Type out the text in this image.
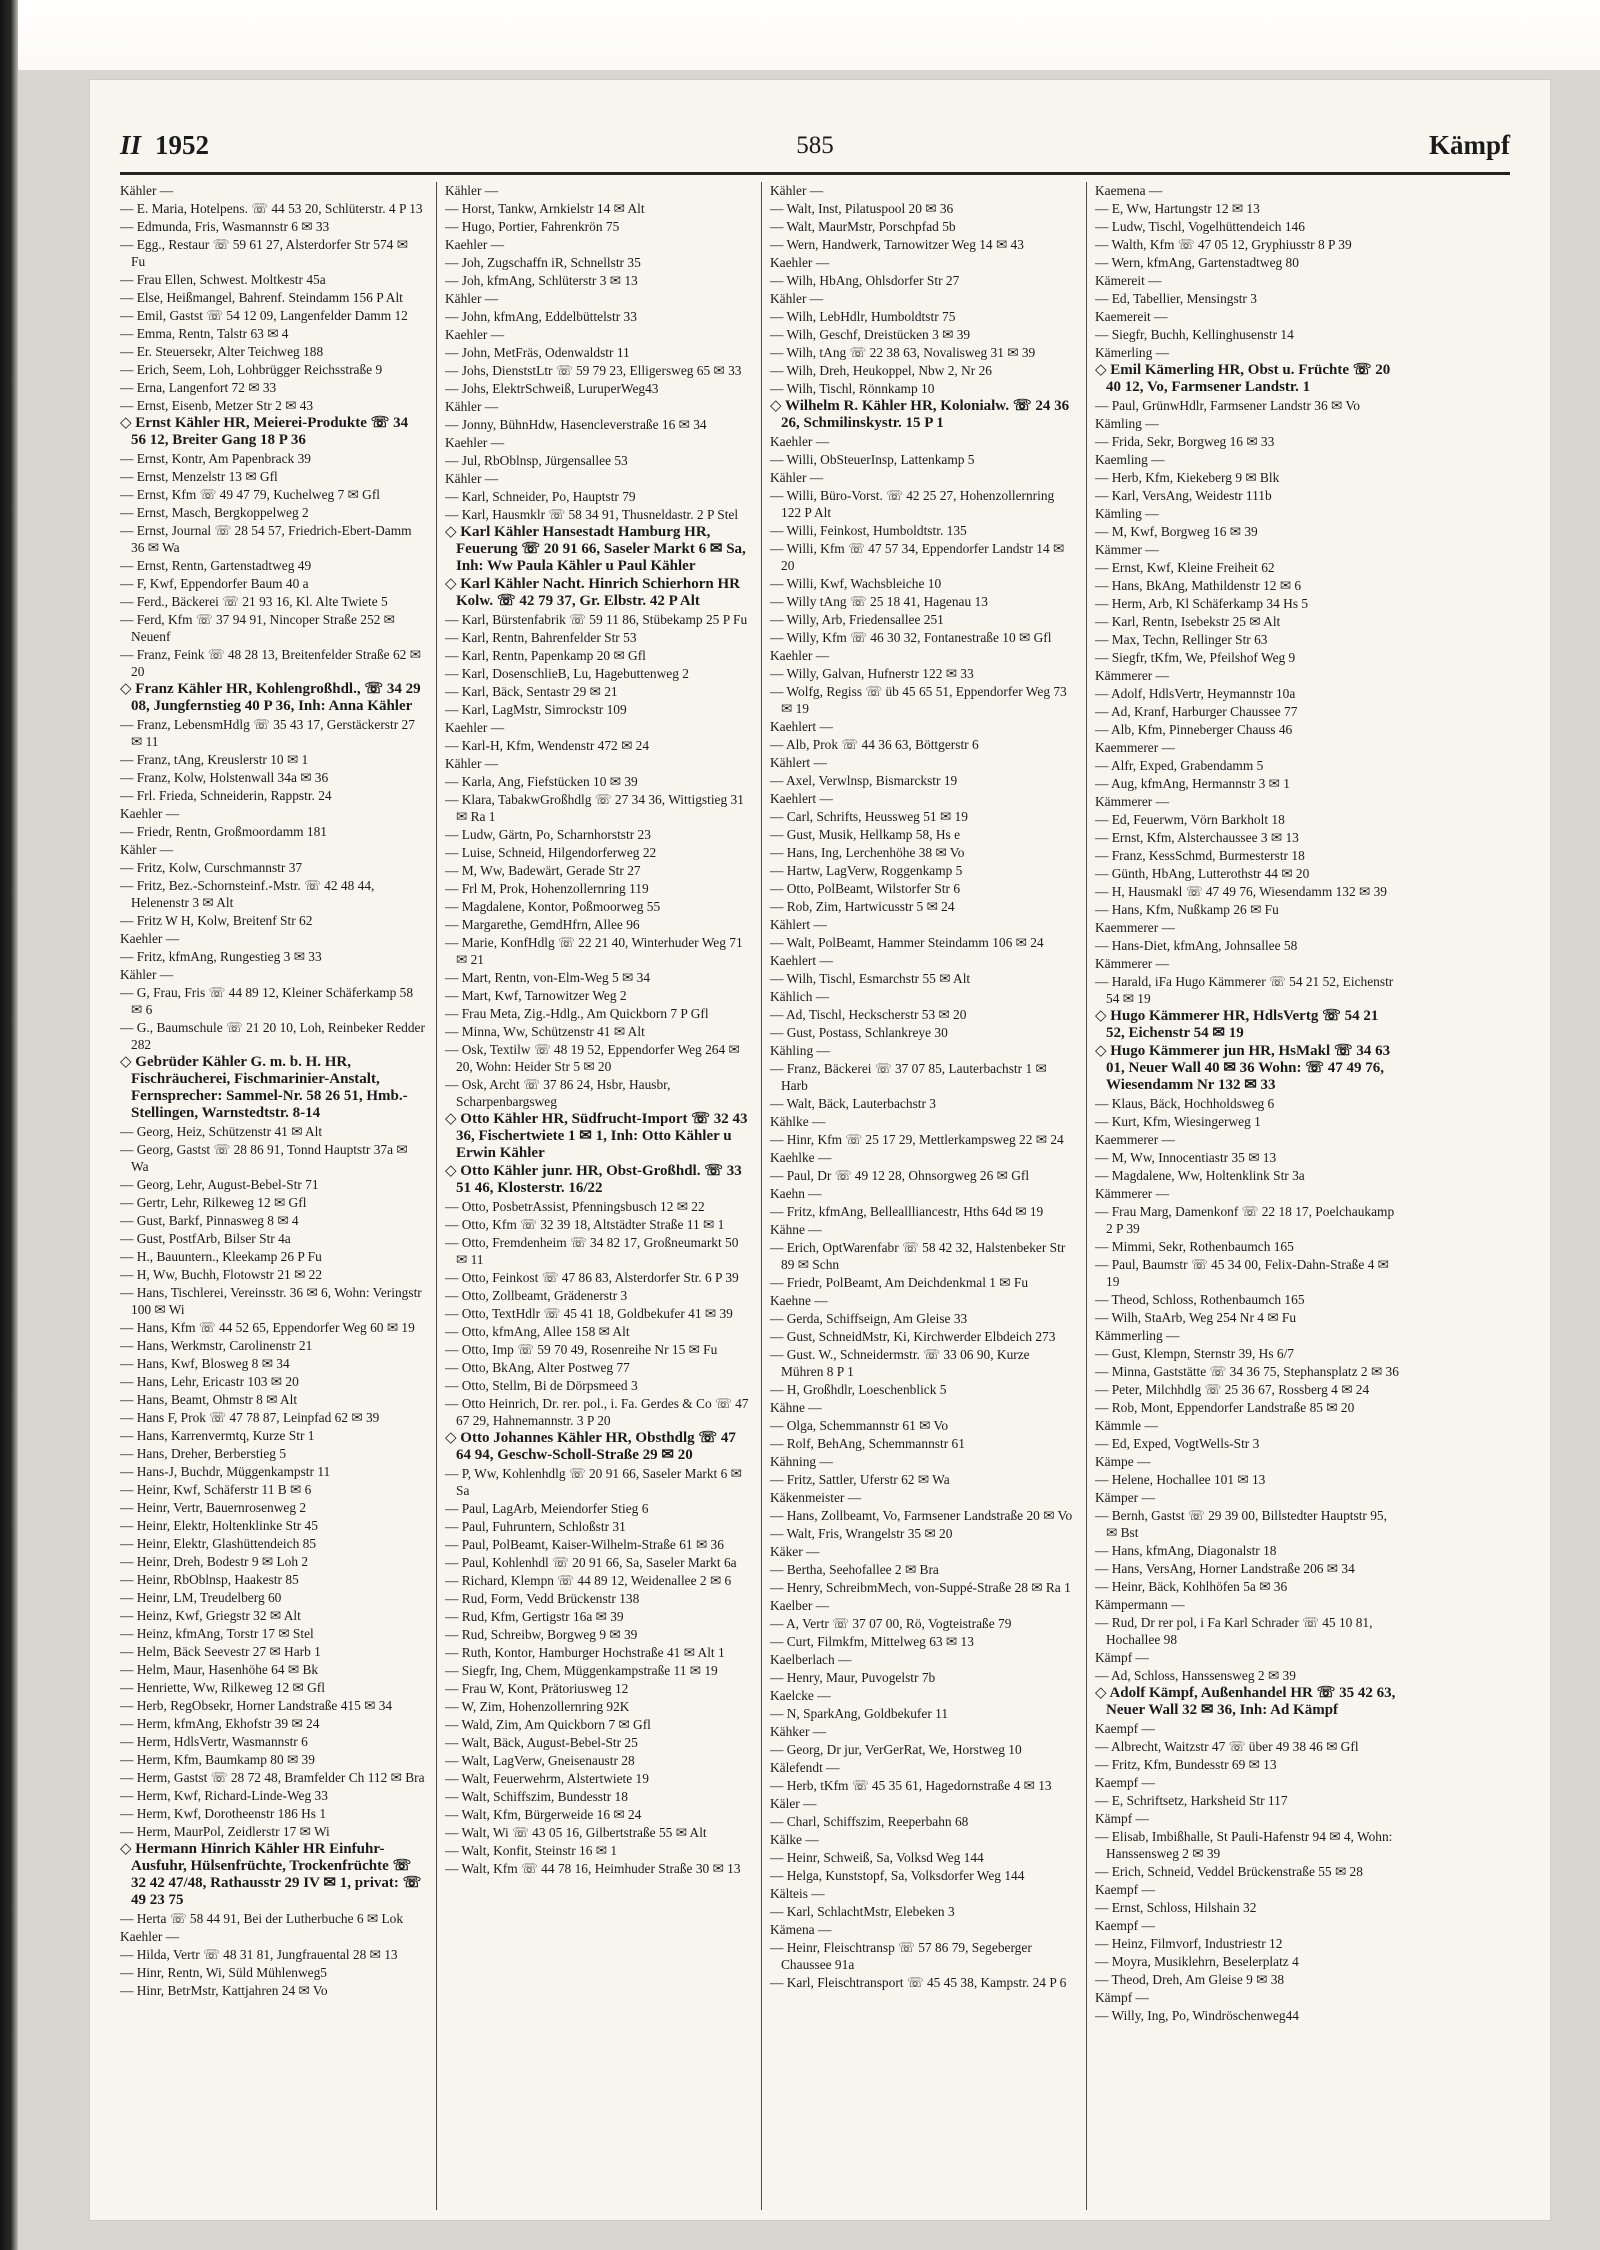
II 1952	585	Kämpf

Kähler —

— E. Maria, Hotelpens. ☏ 44 53 20, Schlüterstr. 4 P 13

— Edmunda, Fris, Wasmannstr 6 ✉ 33

— Egg., Restaur ☏ 59 61 27, Alsterdorfer Str 574 ✉ Fu

— Frau Ellen, Schwest. Moltkestr 45a

— Else, Heißmangel, Bahrenf. Steindamm 156 P Alt

— Emil, Gastst ☏ 54 12 09, Langenfelder Damm 12

— Emma, Rentn, Talstr 63 ✉ 4

— Er. Steuersekr, Alter Teichweg 188

— Erich, Seem, Loh, Lohbrügger Reichsstraße 9

— Erna, Langenfort 72 ✉ 33

— Ernst, Eisenb, Metzer Str 2 ✉ 43

◇ Ernst Kähler HR, Meierei-Produkte ☏ 34 56 12, Breiter Gang 18 P 36

— Ernst, Kontr, Am Papenbrack 39

— Ernst, Menzelstr 13 ✉ Gfl

— Ernst, Kfm ☏ 49 47 79, Kuchelweg 7 ✉ Gfl

— Ernst, Masch, Bergkoppelweg 2

— Ernst, Journal ☏ 28 54 57, Friedrich-Ebert-Damm 36 ✉ Wa

— Ernst, Rentn, Gartenstadtweg 49

— F, Kwf, Eppendorfer Baum 40 a

— Ferd., Bäckerei ☏ 21 93 16, Kl. Alte Twiete 5

— Ferd, Kfm ☏ 37 94 91, Nincoper Straße 252 ✉ Neuenf

— Franz, Feink ☏ 48 28 13, Breitenfelder Straße 62 ✉ 20

◇ Franz Kähler HR, Kohlengroßhdl., ☏ 34 29 08, Jungfernstieg 40 P 36, Inh: Anna Kähler

— Franz, LebensmHdlg ☏ 35 43 17, Gerstäckerstr 27 ✉ 11

— Franz, tAng, Kreuslerstr 10 ✉ 1

— Franz, Kolw, Holstenwall 34a ✉ 36

— Frl. Frieda, Schneiderin, Rappstr. 24

Kaehler —

— Friedr, Rentn, Großmoordamm 181

Kähler —

— Fritz, Kolw, Curschmannstr 37

— Fritz, Bez.-Schornsteinf.-Mstr. ☏ 42 48 44, Helenenstr 3 ✉ Alt

— Fritz W H, Kolw, Breitenf Str 62

Kaehler —

— Fritz, kfmAng, Rungestieg 3 ✉ 33

Kähler —

— G, Frau, Fris ☏ 44 89 12, Kleiner Schäferkamp 58 ✉ 6

— G., Baumschule ☏ 21 20 10, Loh, Reinbeker Redder 282

◇ Gebrüder Kähler G. m. b. H. HR, Fischräucherei, Fischmarinier-Anstalt, Fernsprecher: Sammel-Nr. 58 26 51, Hmb.-Stellingen, Warnstedtstr. 8-14

— Georg, Heiz, Schützenstr 41 ✉ Alt

— Georg, Gastst ☏ 28 86 91, Tonnd Hauptstr 37a ✉ Wa

— Georg, Lehr, August-Bebel-Str 71

— Gertr, Lehr, Rilkeweg 12 ✉ Gfl

— Gust, Barkf, Pinnasweg 8 ✉ 4

— Gust, PostfArb, Bilser Str 4a

— H., Bauuntern., Kleekamp 26 P Fu

— H, Ww, Buchh, Flotowstr 21 ✉ 22

— Hans, Tischlerei, Vereinsstr. 36 ✉ 6, Wohn: Veringstr 100 ✉ Wi

— Hans, Kfm ☏ 44 52 65, Eppendorfer Weg 60 ✉ 19

— Hans, Werkmstr, Carolinenstr 21

— Hans, Kwf, Blosweg 8 ✉ 34

— Hans, Lehr, Ericastr 103 ✉ 20

— Hans, Beamt, Ohmstr 8 ✉ Alt

— Hans F, Prok ☏ 47 78 87, Leinpfad 62 ✉ 39

— Hans, Karrenvermtq, Kurze Str 1

— Hans, Dreher, Berberstieg 5

— Hans-J, Buchdr, Müggenkampstr 11

— Heinr, Kwf, Schäferstr 11 B ✉ 6

— Heinr, Vertr, Bauernrosenweg 2

— Heinr, Elektr, Holtenklinke Str 45

— Heinr, Elektr, Glashüttendeich 85

— Heinr, Dreh, Bodestr 9 ✉ Loh 2

— Heinr, RbOblnsp, Haakestr 85

— Heinr, LM, Treudelberg 60

— Heinz, Kwf, Griegstr 32 ✉ Alt

— Heinz, kfmAng, Torstr 17 ✉ Stel

— Helm, Bäck Seevestr 27 ✉ Harb 1

— Helm, Maur, Hasenhöhe 64 ✉ Bk

— Henriette, Ww, Rilkeweg 12 ✉ Gfl

— Herb, RegObsekr, Horner Landstraße 415 ✉ 34

— Herm, kfmAng, Ekhofstr 39 ✉ 24

— Herm, HdlsVertr, Wasmannstr 6

— Herm, Kfm, Baumkamp 80 ✉ 39

— Herm, Gastst ☏ 28 72 48, Bramfelder Ch 112 ✉ Bra

— Herm, Kwf, Richard-Linde-Weg 33

— Herm, Kwf, Dorotheenstr 186 Hs 1

— Herm, MaurPol, Zeidlerstr 17 ✉ Wi

◇ Hermann Hinrich Kähler HR Einfuhr-Ausfuhr, Hülsenfrüchte, Trockenfrüchte ☏ 32 42 47/48, Rathausstr 29 IV ✉ 1, privat: ☏ 49 23 75

— Herta ☏ 58 44 91, Bei der Lutherbuche 6 ✉ Lok

Kaehler —

— Hilda, Vertr ☏ 48 31 81, Jungfrauental 28 ✉ 13

— Hinr, Rentn, Wi, Süld Mühlenweg5

— Hinr, BetrMstr, Kattjahren 24 ✉ Vo

Kähler —

— Horst, Tankw, Arnkielstr 14 ✉ Alt

— Hugo, Portier, Fahrenkrön 75

Kaehler —

— Joh, Zugschaffn iR, Schnellstr 35

— Joh, kfmAng, Schlüterstr 3 ✉ 13

Kähler —

— John, kfmAng, Eddelbüttelstr 33

Kaehler —

— John, MetFräs, Odenwaldstr 11

— Johs, DienststLtr ☏ 59 79 23, Elligersweg 65 ✉ 33

— Johs, ElektrSchweiß, LuruperWeg43

Kähler —

— Jonny, BühnHdw, Hasencleverstraße 16 ✉ 34

Kaehler —

— Jul, RbOblnsp, Jürgensallee 53

Kähler —

— Karl, Schneider, Po, Hauptstr 79

— Karl, Hausmklr ☏ 58 34 91, Thusneldastr. 2 P Stel

◇ Karl Kähler Hansestadt Hamburg HR, Feuerung ☏ 20 91 66, Saseler Markt 6 ✉ Sa, Inh: Ww Paula Kähler u Paul Kähler

◇ Karl Kähler Nacht. Hinrich Schierhorn HR Kolw. ☏ 42 79 37, Gr. Elbstr. 42 P Alt

— Karl, Bürstenfabrik ☏ 59 11 86, Stübekamp 25 P Fu

— Karl, Rentn, Bahrenfelder Str 53

— Karl, Rentn, Papenkamp 20 ✉ Gfl

— Karl, DosenschlieB, Lu, Hagebuttenweg 2

— Karl, Bäck, Sentastr 29 ✉ 21

— Karl, LagMstr, Simrockstr 109

Kaehler —

— Karl-H, Kfm, Wendenstr 472 ✉ 24

Kähler —

— Karla, Ang, Fiefstücken 10 ✉ 39

— Klara, TabakwGroßhdlg ☏ 27 34 36, Wittigstieg 31 ✉ Ra 1

— Ludw, Gärtn, Po, Scharnhorststr 23

— Luise, Schneid, Hilgendorferweg 22

— M, Ww, Badewärt, Gerade Str 27

— Frl M, Prok, Hohenzollernring 119

— Magdalene, Kontor, Poßmoorweg 55

— Margarethe, GemdHfrn, Allee 96

— Marie, KonfHdlg ☏ 22 21 40, Winterhuder Weg 71 ✉ 21

— Mart, Rentn, von-Elm-Weg 5 ✉ 34

— Mart, Kwf, Tarnowitzer Weg 2

— Frau Meta, Zig.-Hdlg., Am Quickborn 7 P Gfl

— Minna, Ww, Schützenstr 41 ✉ Alt

— Osk, Textilw ☏ 48 19 52, Eppendorfer Weg 264 ✉ 20, Wohn: Heider Str 5 ✉ 20

— Osk, Archt ☏ 37 86 24, Hsbr, Hausbr, Scharpenbargsweg

◇ Otto Kähler HR, Südfrucht-Import ☏ 32 43 36, Fischertwiete 1 ✉ 1, Inh: Otto Kähler u Erwin Kähler

◇ Otto Kähler junr. HR, Obst-Großhdl. ☏ 33 51 46, Klosterstr. 16/22

— Otto, PosbetrAssist, Pfenningsbusch 12 ✉ 22

— Otto, Kfm ☏ 32 39 18, Altstädter Straße 11 ✉ 1

— Otto, Fremdenheim ☏ 34 82 17, Großneumarkt 50 ✉ 11

— Otto, Feinkost ☏ 47 86 83, Alsterdorfer Str. 6 P 39

— Otto, Zollbeamt, Grädenerstr 3

— Otto, TextHdlr ☏ 45 41 18, Goldbekufer 41 ✉ 39

— Otto, kfmAng, Allee 158 ✉ Alt

— Otto, Imp ☏ 59 70 49, Rosenreihe Nr 15 ✉ Fu

— Otto, BkAng, Alter Postweg 77

— Otto, Stellm, Bi de Dörpsmeed 3

— Otto Heinrich, Dr. rer. pol., i. Fa. Gerdes & Co ☏ 47 67 29, Hahnemannstr. 3 P 20

◇ Otto Johannes Kähler HR, Obsthdlg ☏ 47 64 94, Geschw-Scholl-Straße 29 ✉ 20

— P, Ww, Kohlenhdlg ☏ 20 91 66, Saseler Markt 6 ✉ Sa

— Paul, LagArb, Meiendorfer Stieg 6

— Paul, Fuhruntern, Schloßstr 31

— Paul, PolBeamt, Kaiser-Wilhelm-Straße 61 ✉ 36

— Paul, Kohlenhdl ☏ 20 91 66, Sa, Saseler Markt 6a

— Richard, Klempn ☏ 44 89 12, Weidenallee 2 ✉ 6

— Rud, Form, Vedd Brückenstr 138

— Rud, Kfm, Gertigstr 16a ✉ 39

— Rud, Schreibw, Borgweg 9 ✉ 39

— Ruth, Kontor, Hamburger Hochstraße 41 ✉ Alt 1

— Siegfr, Ing, Chem, Müggenkampstraße 11 ✉ 19

— Frau W, Kont, Prätoriusweg 12

— W, Zim, Hohenzollernring 92K

— Wald, Zim, Am Quickborn 7 ✉ Gfl

— Walt, Bäck, August-Bebel-Str 25

— Walt, LagVerw, Gneisenaustr 28

— Walt, Feuerwehrm, Alstertwiete 19

— Walt, Schiffszim, Bundesstr 18

— Walt, Kfm, Bürgerweide 16 ✉ 24

— Walt, Wi ☏ 43 05 16, Gilbertstraße 55 ✉ Alt

— Walt, Konfit, Steinstr 16 ✉ 1

— Walt, Kfm ☏ 44 78 16, Heimhuder Straße 30 ✉ 13

Kähler —

— Walt, Inst, Pilatuspool 20 ✉ 36

— Walt, MaurMstr, Porschpfad 5b

— Wern, Handwerk, Tarnowitzer Weg 14 ✉ 43

Kaehler —

— Wilh, HbAng, Ohlsdorfer Str 27

Kähler —

— Wilh, LebHdlr, Humboldtstr 75

— Wilh, Geschf, Dreistücken 3 ✉ 39

— Wilh, tAng ☏ 22 38 63, Novalisweg 31 ✉ 39

— Wilh, Dreh, Heukoppel, Nbw 2, Nr 26

— Wilh, Tischl, Rönnkamp 10

◇ Wilhelm R. Kähler HR, Kolonialw. ☏ 24 36 26, Schmilinskystr. 15 P 1

Kaehler —

— Willi, ObSteuerInsp, Lattenkamp 5

Kähler —

— Willi, Büro-Vorst. ☏ 42 25 27, Hohenzollernring 122 P Alt

— Willi, Feinkost, Humboldtstr. 135

— Willi, Kfm ☏ 47 57 34, Eppendorfer Landstr 14 ✉ 20

— Willi, Kwf, Wachsbleiche 10

— Willy tAng ☏ 25 18 41, Hagenau 13

— Willy, Arb, Friedensallee 251

— Willy, Kfm ☏ 46 30 32, Fontanestraße 10 ✉ Gfl

Kaehler —

— Willy, Galvan, Hufnerstr 122 ✉ 33

— Wolfg, Regiss ☏ üb 45 65 51, Eppendorfer Weg 73 ✉ 19

Kaehlert —

— Alb, Prok ☏ 44 36 63, Böttgerstr 6

Kählert —

— Axel, Verwlnsp, Bismarckstr 19

Kaehlert —

— Carl, Schrifts, Heussweg 51 ✉ 19

— Gust, Musik, Hellkamp 58, Hs e

— Hans, Ing, Lerchenhöhe 38 ✉ Vo

— Hartw, LagVerw, Roggenkamp 5

— Otto, PolBeamt, Wilstorfer Str 6

— Rob, Zim, Hartwicusstr 5 ✉ 24

Kählert —

— Walt, PolBeamt, Hammer Steindamm 106 ✉ 24

Kaehlert —

— Wilh, Tischl, Esmarchstr 55 ✉ Alt

Kählich —

— Ad, Tischl, Heckscherstr 53 ✉ 20

— Gust, Postass, Schlankreye 30

Kähling —

— Franz, Bäckerei ☏ 37 07 85, Lauterbachstr 1 ✉ Harb

— Walt, Bäck, Lauterbachstr 3

Kählke —

— Hinr, Kfm ☏ 25 17 29, Mettlerkampsweg 22 ✉ 24

Kaehlke —

— Paul, Dr ☏ 49 12 28, Ohnsorgweg 26 ✉ Gfl

Kaehn —

— Fritz, kfmAng, Belleallliancestr, Hths 64d ✉ 19

Kähne —

— Erich, OptWarenfabr ☏ 58 42 32, Halstenbeker Str 89 ✉ Schn

— Friedr, PolBeamt, Am Deichdenkmal 1 ✉ Fu

Kaehne —

— Gerda, Schiffseign, Am Gleise 33

— Gust, SchneidMstr, Ki, Kirchwerder Elbdeich 273

— Gust. W., Schneidermstr. ☏ 33 06 90, Kurze Mühren 8 P 1

— H, Großhdlr, Loeschenblick 5

Kähne —

— Olga, Schemmannstr 61 ✉ Vo

— Rolf, BehAng, Schemmannstr 61

Kähning —

— Fritz, Sattler, Uferstr 62 ✉ Wa

Käkenmeister —

— Hans, Zollbeamt, Vo, Farmsener Landstraße 20 ✉ Vo

— Walt, Fris, Wrangelstr 35 ✉ 20

Käker —

— Bertha, Seehofallee 2 ✉ Bra

— Henry, SchreibmMech, von-Suppé-Straße 28 ✉ Ra 1

Kaelber —

— A, Vertr ☏ 37 07 00, Rö, Vogteistraße 79

— Curt, Filmkfm, Mittelweg 63 ✉ 13

Kaelberlach —

— Henry, Maur, Puvogelstr 7b

Kaelcke —

— N, SparkAng, Goldbekufer 11

Kähker —

— Georg, Dr jur, VerGerRat, We, Horstweg 10

Kälefendt —

— Herb, tKfm ☏ 45 35 61, Hagedornstraße 4 ✉ 13

Käler —

— Charl, Schiffszim, Reeperbahn 68

Kälke —

— Heinr, Schweiß, Sa, Volksd Weg 144

— Helga, Kunststopf, Sa, Volksdorfer Weg 144

Kälteis —

— Karl, SchlachtMstr, Elebeken 3

Kämena —

— Heinr, Fleischtransp ☏ 57 86 79, Segeberger Chaussee 91a

— Karl, Fleischtransport ☏ 45 45 38, Kampstr. 24 P 6

Kaemena —

— E, Ww, Hartungstr 12 ✉ 13

— Ludw, Tischl, Vogelhüttendeich 146

— Walth, Kfm ☏ 47 05 12, Gryphiusstr 8 P 39

— Wern, kfmAng, Gartenstadtweg 80

Kämereit —

— Ed, Tabellier, Mensingstr 3

Kaemereit —

— Siegfr, Buchh, Kellinghusenstr 14

Kämerling —

◇ Emil Kämerling HR, Obst u. Früchte ☏ 20 40 12, Vo, Farmsener Landstr. 1

— Paul, GrünwHdlr, Farmsener Landstr 36 ✉ Vo

Kämling —

— Frida, Sekr, Borgweg 16 ✉ 33

Kaemling —

— Herb, Kfm, Kiekeberg 9 ✉ Blk

— Karl, VersAng, Weidestr 111b

Kämling —

— M, Kwf, Borgweg 16 ✉ 39

Kämmer —

— Ernst, Kwf, Kleine Freiheit 62

— Hans, BkAng, Mathildenstr 12 ✉ 6

— Herm, Arb, Kl Schäferkamp 34 Hs 5

— Karl, Rentn, Isebekstr 25 ✉ Alt

— Max, Techn, Rellinger Str 63

— Siegfr, tKfm, We, Pfeilshof Weg 9

Kämmerer —

— Adolf, HdlsVertr, Heymannstr 10a

— Ad, Kranf, Harburger Chaussee 77

— Alb, Kfm, Pinneberger Chauss 46

Kaemmerer —

— Alfr, Exped, Grabendamm 5

— Aug, kfmAng, Hermannstr 3 ✉ 1

Kämmerer —

— Ed, Feuerwm, Vörn Barkholt 18

— Ernst, Kfm, Alsterchaussee 3 ✉ 13

— Franz, KessSchmd, Burmesterstr 18

— Günth, HbAng, Lutterothstr 44 ✉ 20

— H, Hausmakl ☏ 47 49 76, Wiesendamm 132 ✉ 39

— Hans, Kfm, Nußkamp 26 ✉ Fu

Kaemmerer —

— Hans-Diet, kfmAng, Johnsallee 58

Kämmerer —

— Harald, iFa Hugo Kämmerer ☏ 54 21 52, Eichenstr 54 ✉ 19

◇ Hugo Kämmerer HR, HdlsVertg ☏ 54 21 52, Eichenstr 54 ✉ 19

◇ Hugo Kämmerer jun HR, HsMakl ☏ 34 63 01, Neuer Wall 40 ✉ 36 Wohn: ☏ 47 49 76, Wiesendamm Nr 132 ✉ 33

— Klaus, Bäck, Hochholdsweg 6

— Kurt, Kfm, Wiesingerweg 1

Kaemmerer —

— M, Ww, Innocentiastr 35 ✉ 13

— Magdalene, Ww, Holtenklink Str 3a

Kämmerer —

— Frau Marg, Damenkonf ☏ 22 18 17, Poelchaukamp 2 P 39

— Mimmi, Sekr, Rothenbaumch 165

— Paul, Baumstr ☏ 45 34 00, Felix-Dahn-Straße 4 ✉ 19

— Theod, Schloss, Rothenbaumch 165

— Wilh, StaArb, Weg 254 Nr 4 ✉ Fu

Kämmerling —

— Gust, Klempn, Sternstr 39, Hs 6/7

— Minna, Gaststätte ☏ 34 36 75, Stephansplatz 2 ✉ 36

— Peter, Milchhdlg ☏ 25 36 67, Rossberg 4 ✉ 24

— Rob, Mont, Eppendorfer Landstraße 85 ✉ 20

Kämmle —

— Ed, Exped, VogtWells-Str 3

Kämpe —

— Helene, Hochallee 101 ✉ 13

Kämper —

— Bernh, Gastst ☏ 29 39 00, Billstedter Hauptstr 95, ✉ Bst

— Hans, kfmAng, Diagonalstr 18

— Hans, VersAng, Horner Landstraße 206 ✉ 34

— Heinr, Bäck, Kohlhöfen 5a ✉ 36

Kämpermann —

— Rud, Dr rer pol, i Fa Karl Schrader ☏ 45 10 81, Hochallee 98

Kämpf —

— Ad, Schloss, Hanssensweg 2 ✉ 39

◇ Adolf Kämpf, Außenhandel HR ☏ 35 42 63, Neuer Wall 32 ✉ 36, Inh: Ad Kämpf

Kaempf —

— Albrecht, Waitzstr 47 ☏ über 49 38 46 ✉ Gfl

— Fritz, Kfm, Bundesstr 69 ✉ 13

Kaempf —

— E, Schriftsetz, Harksheid Str 117

Kämpf —

— Elisab, Imbißhalle, St Pauli-Hafenstr 94 ✉ 4, Wohn: Hanssensweg 2 ✉ 39

— Erich, Schneid, Veddel Brückenstraße 55 ✉ 28

Kaempf —

— Ernst, Schloss, Hilshain 32

Kaempf —

— Heinz, Filmvorf, Industriestr 12

— Moyra, Musiklehrn, Beselerplatz 4

— Theod, Dreh, Am Gleise 9 ✉ 38

Kämpf —

— Willy, Ing, Po, Windröschenweg44
